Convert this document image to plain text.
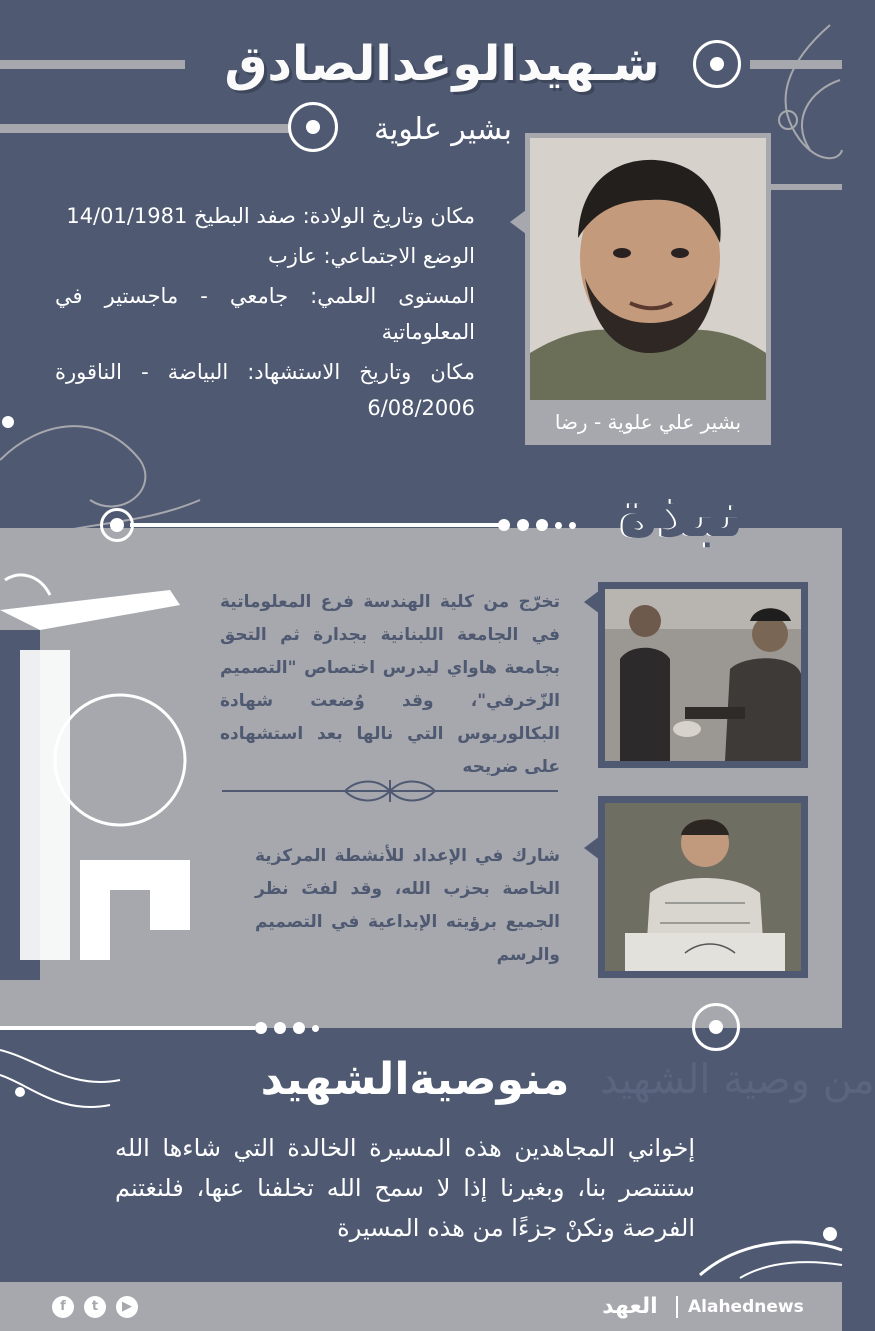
شـهيدالوعدالصادق
بشير علوية
بشير علي علوية - رضا

مكان وتاريخ الولادة: صفد البطيخ 14/01/1981

الوضع الاجتماعي: عازب

المستوى العلمي: جامعي - ماجستير في المعلوماتية

مكان وتاريخ الاستشهاد: البياضة - الناقورة 6/08/2006

نبذة
تخرّج من كلية الهندسة فرع المعلوماتية في الجامعة اللبنانية بجدارة ثم التحق بجامعة هاواي ليدرس اختصاص "التصميم الزّخرفي"، وقد وُضعت شهادة البكالوريوس التي نالها بعد استشهاده على ضريحه
شارك في الإعداد للأنشطة المركزية الخاصة بحزب الله، وقد لفتَ نظر الجميع برؤيته الإبداعية في التصميم والرسم
من وصية الشهيد
منوصيةالشهيد
إخواني المجاهدين هذه المسيرة الخالدة التي شاءها الله ستنتصر بنا، وبغيرنا إذا لا سمح الله تخلفنا عنها، فلنغتنم الفرصة ونكنْ جزءًا من هذه المسيرة
f	t	▶	العهد	Alahednews
